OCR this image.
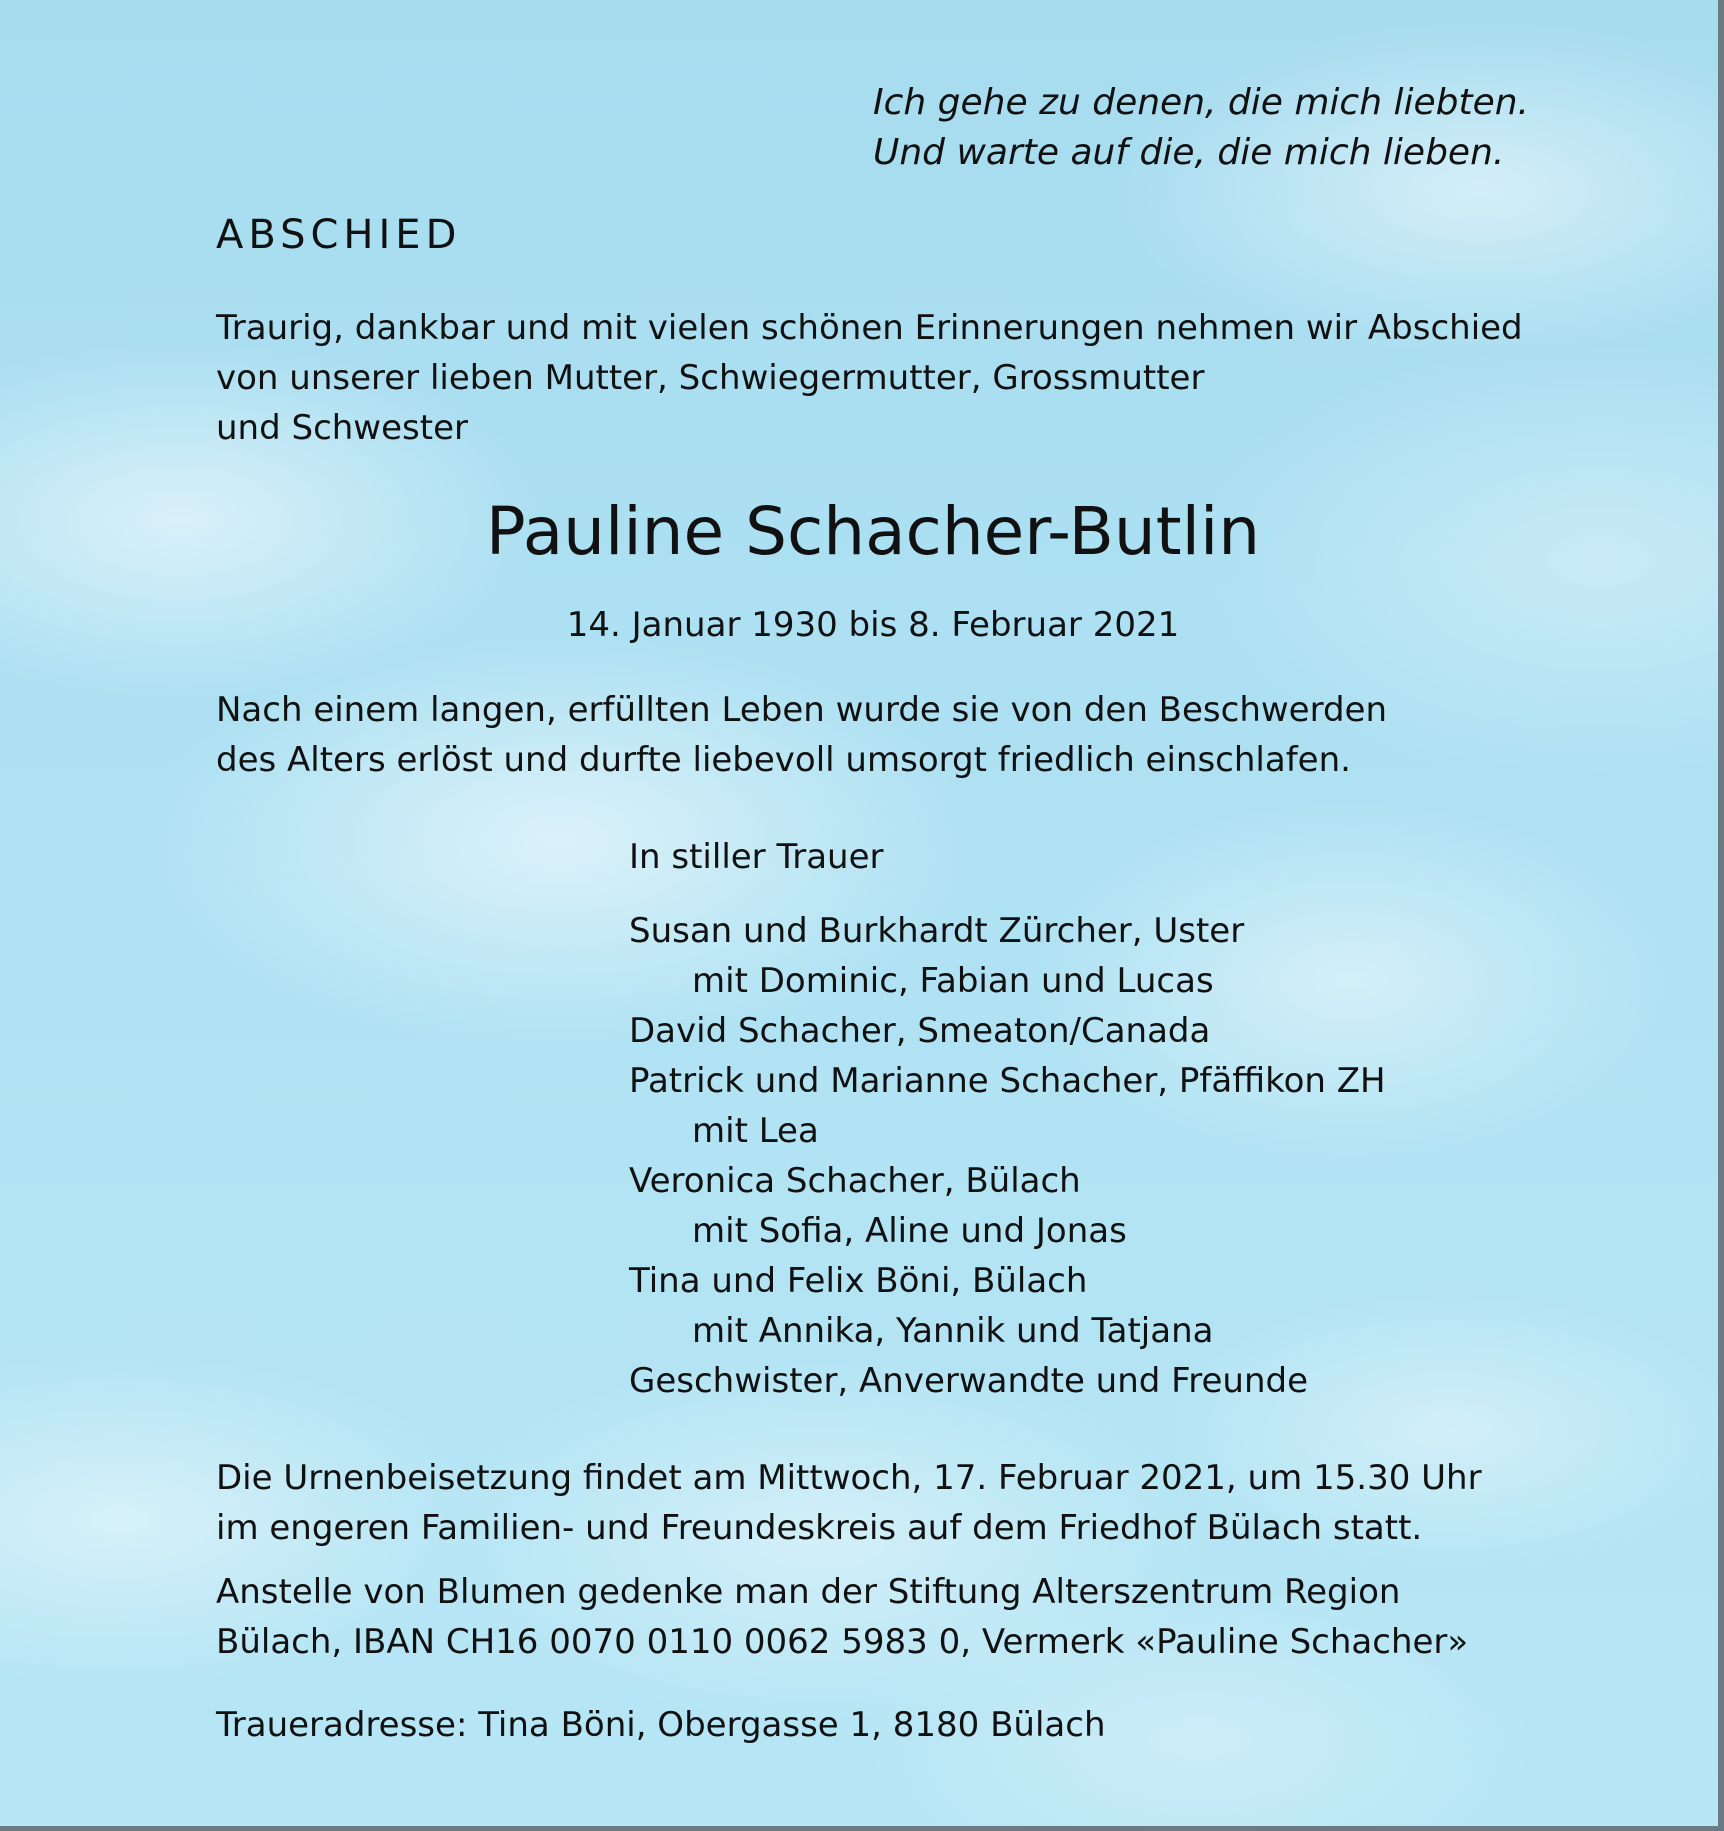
Ich gehe zu denen, die mich liebten.
Und warte auf die, die mich lieben.
ABSCHIED
Traurig, dankbar und mit vielen schönen Erinnerungen nehmen wir Abschied
von unserer lieben Mutter, Schwiegermutter, Grossmutter
und Schwester
Pauline Schacher-Butlin
14. Januar 1930 bis 8. Februar 2021
Nach einem langen, erfüllten Leben wurde sie von den Beschwerden
des Alters erlöst und durfte liebevoll umsorgt friedlich einschlafen.
In stiller Trauer
Susan und Burkhardt Zürcher, Uster
mit Dominic, Fabian und Lucas
David Schacher, Smeaton/Canada
Patrick und Marianne Schacher, Pfäffikon ZH
mit Lea
Veronica Schacher, Bülach
mit Sofia, Aline und Jonas
Tina und Felix Böni, Bülach
mit Annika, Yannik und Tatjana
Geschwister, Anverwandte und Freunde
Die Urnenbeisetzung findet am Mittwoch, 17. Februar 2021, um 15.30 Uhr
im engeren Familien- und Freundeskreis auf dem Friedhof Bülach statt.
Anstelle von Blumen gedenke man der Stiftung Alterszentrum Region
Bülach, IBAN CH16 0070 0110 0062 5983 0, Vermerk «Pauline Schacher»
Traueradresse: Tina Böni, Obergasse 1, 8180 Bülach
